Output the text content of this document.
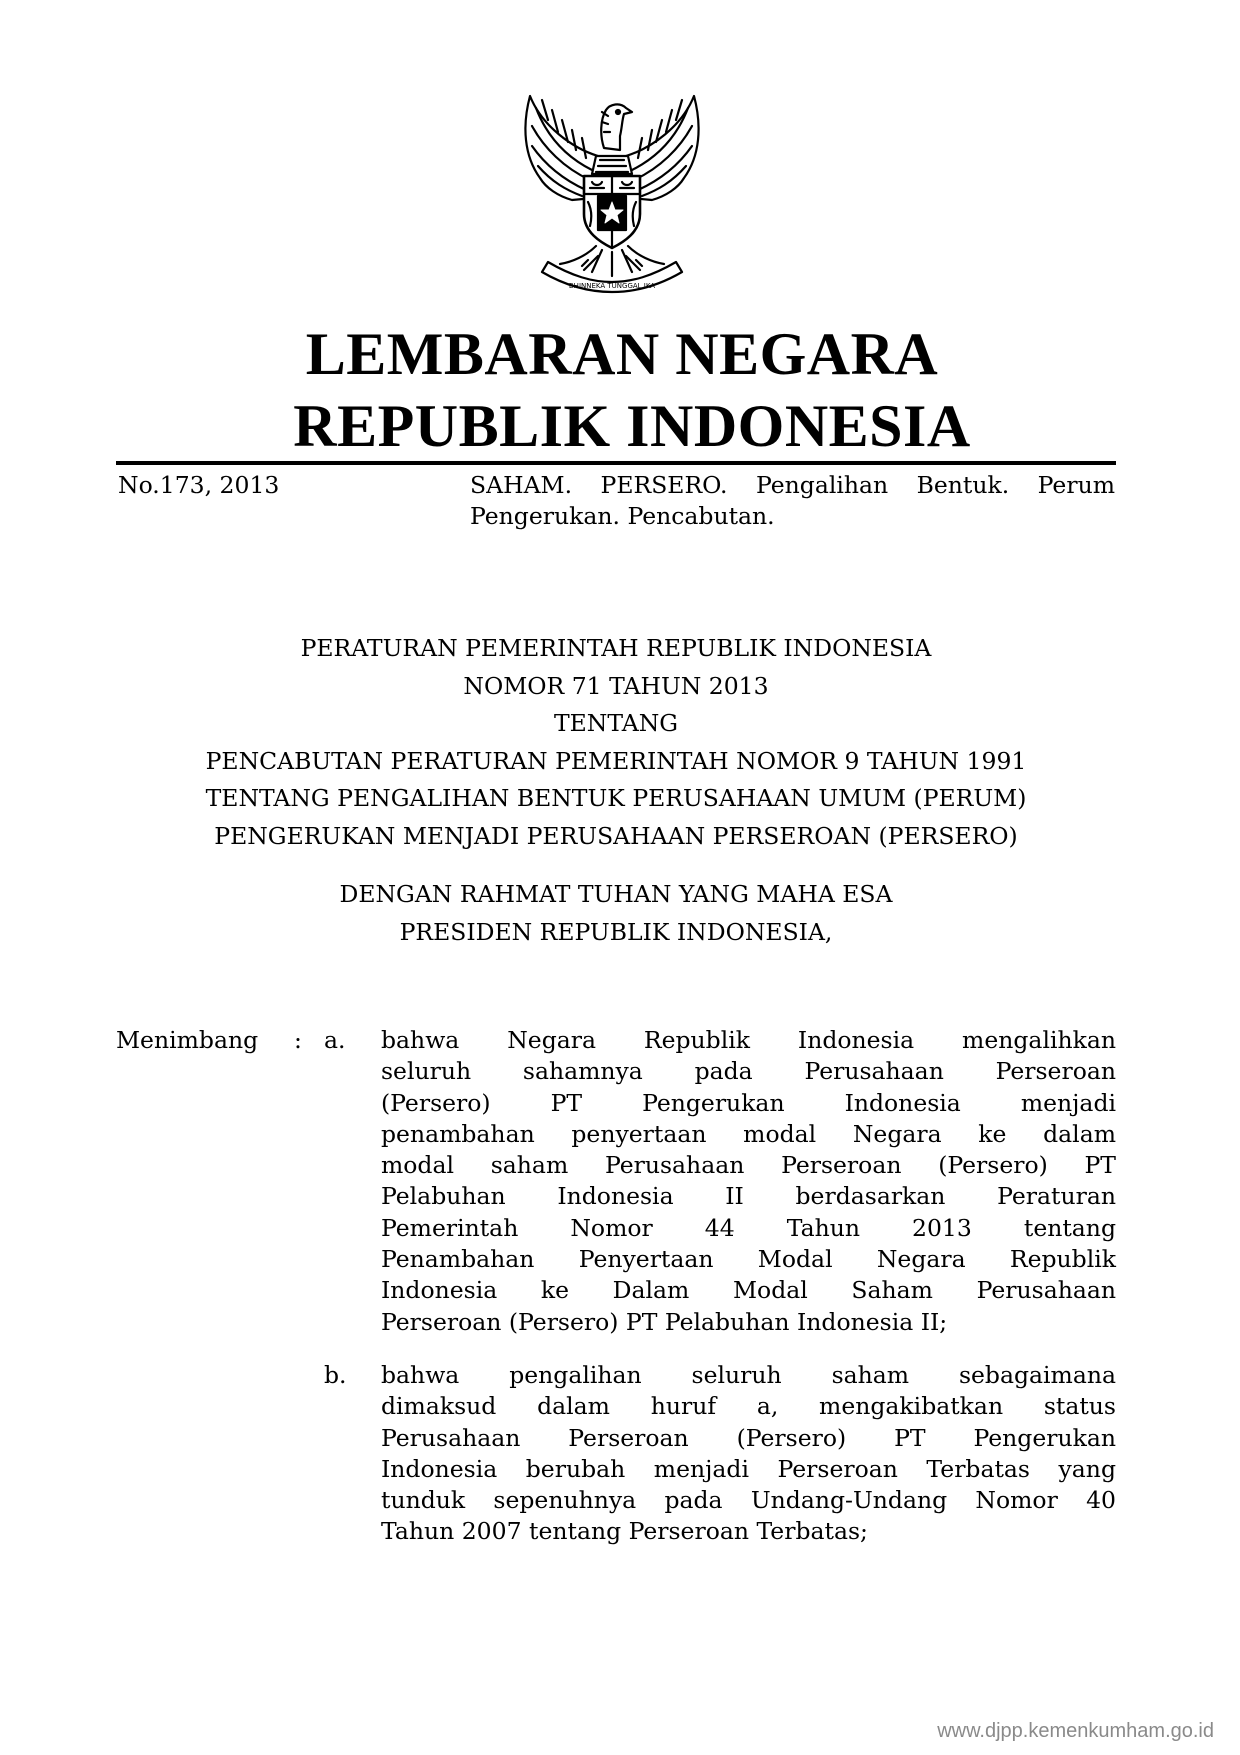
BHINNEKA TUNGGAL IKA
LEMBARAN NEGARA
REPUBLIK INDONESIA
No.173, 2013	SAHAM. PERSERO. Pengalihan Bentuk. Perum
Pengerukan. Pencabutan.
PERATURAN PEMERINTAH REPUBLIK INDONESIA
NOMOR 71 TAHUN 2013
TENTANG
PENCABUTAN PERATURAN PEMERINTAH NOMOR 9 TAHUN 1991
TENTANG PENGALIHAN BENTUK PERUSAHAAN UMUM (PERUM)
PENGERUKAN MENJADI PERUSAHAAN PERSEROAN (PERSERO)
DENGAN RAHMAT TUHAN YANG MAHA ESA
PRESIDEN REPUBLIK INDONESIA,
Menimbang : a. bahwa Negara Republik Indonesia mengalihkan
seluruh sahamnya pada Perusahaan Perseroan
(Persero) PT Pengerukan Indonesia menjadi
penambahan penyertaan modal Negara ke dalam
modal saham Perusahaan Perseroan (Persero) PT
Pelabuhan Indonesia II berdasarkan Peraturan
Pemerintah Nomor 44 Tahun 2013 tentang
Penambahan Penyertaan Modal Negara Republik
Indonesia ke Dalam Modal Saham Perusahaan
Perseroan (Persero) PT Pelabuhan Indonesia II;
b. bahwa pengalihan seluruh saham sebagaimana
dimaksud dalam huruf a, mengakibatkan status
Perusahaan Perseroan (Persero) PT Pengerukan
Indonesia berubah menjadi Perseroan Terbatas yang
tunduk sepenuhnya pada Undang-Undang Nomor 40
Tahun 2007 tentang Perseroan Terbatas;
www.djpp.kemenkumham.go.id
